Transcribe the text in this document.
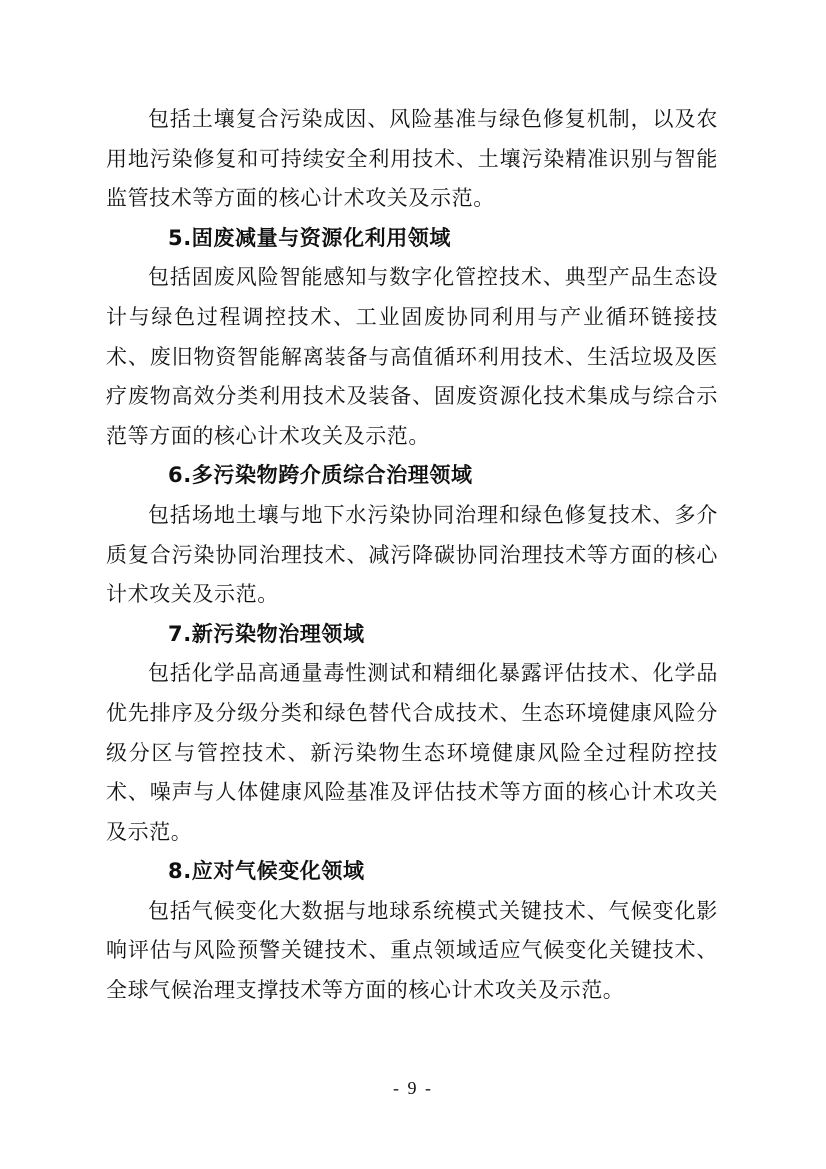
包括土壤复合污染成因、风险基准与绿色修复机制，以及农用地污染修复和可持续安全利用技术、土壤污染精准识别与智能监管技术等方面的核心计术攻关及示范。

5.固废减量与资源化利用领域

包括固废风险智能感知与数字化管控技术、典型产品生态设计与绿色过程调控技术、工业固废协同利用与产业循环链接技术、废旧物资智能解离装备与高值循环利用技术、生活垃圾及医疗废物高效分类利用技术及装备、固废资源化技术集成与综合示范等方面的核心计术攻关及示范。

6.多污染物跨介质综合治理领域

包括场地土壤与地下水污染协同治理和绿色修复技术、多介质复合污染协同治理技术、减污降碳协同治理技术等方面的核心计术攻关及示范。

7.新污染物治理领域

包括化学品高通量毒性测试和精细化暴露评估技术、化学品优先排序及分级分类和绿色替代合成技术、生态环境健康风险分级分区与管控技术、新污染物生态环境健康风险全过程防控技术、噪声与人体健康风险基准及评估技术等方面的核心计术攻关及示范。

8.应对气候变化领域

包括气候变化大数据与地球系统模式关键技术、气候变化影响评估与风险预警关键技术、重点领域适应气候变化关键技术、全球气候治理支撑技术等方面的核心计术攻关及示范。

- 9 -
